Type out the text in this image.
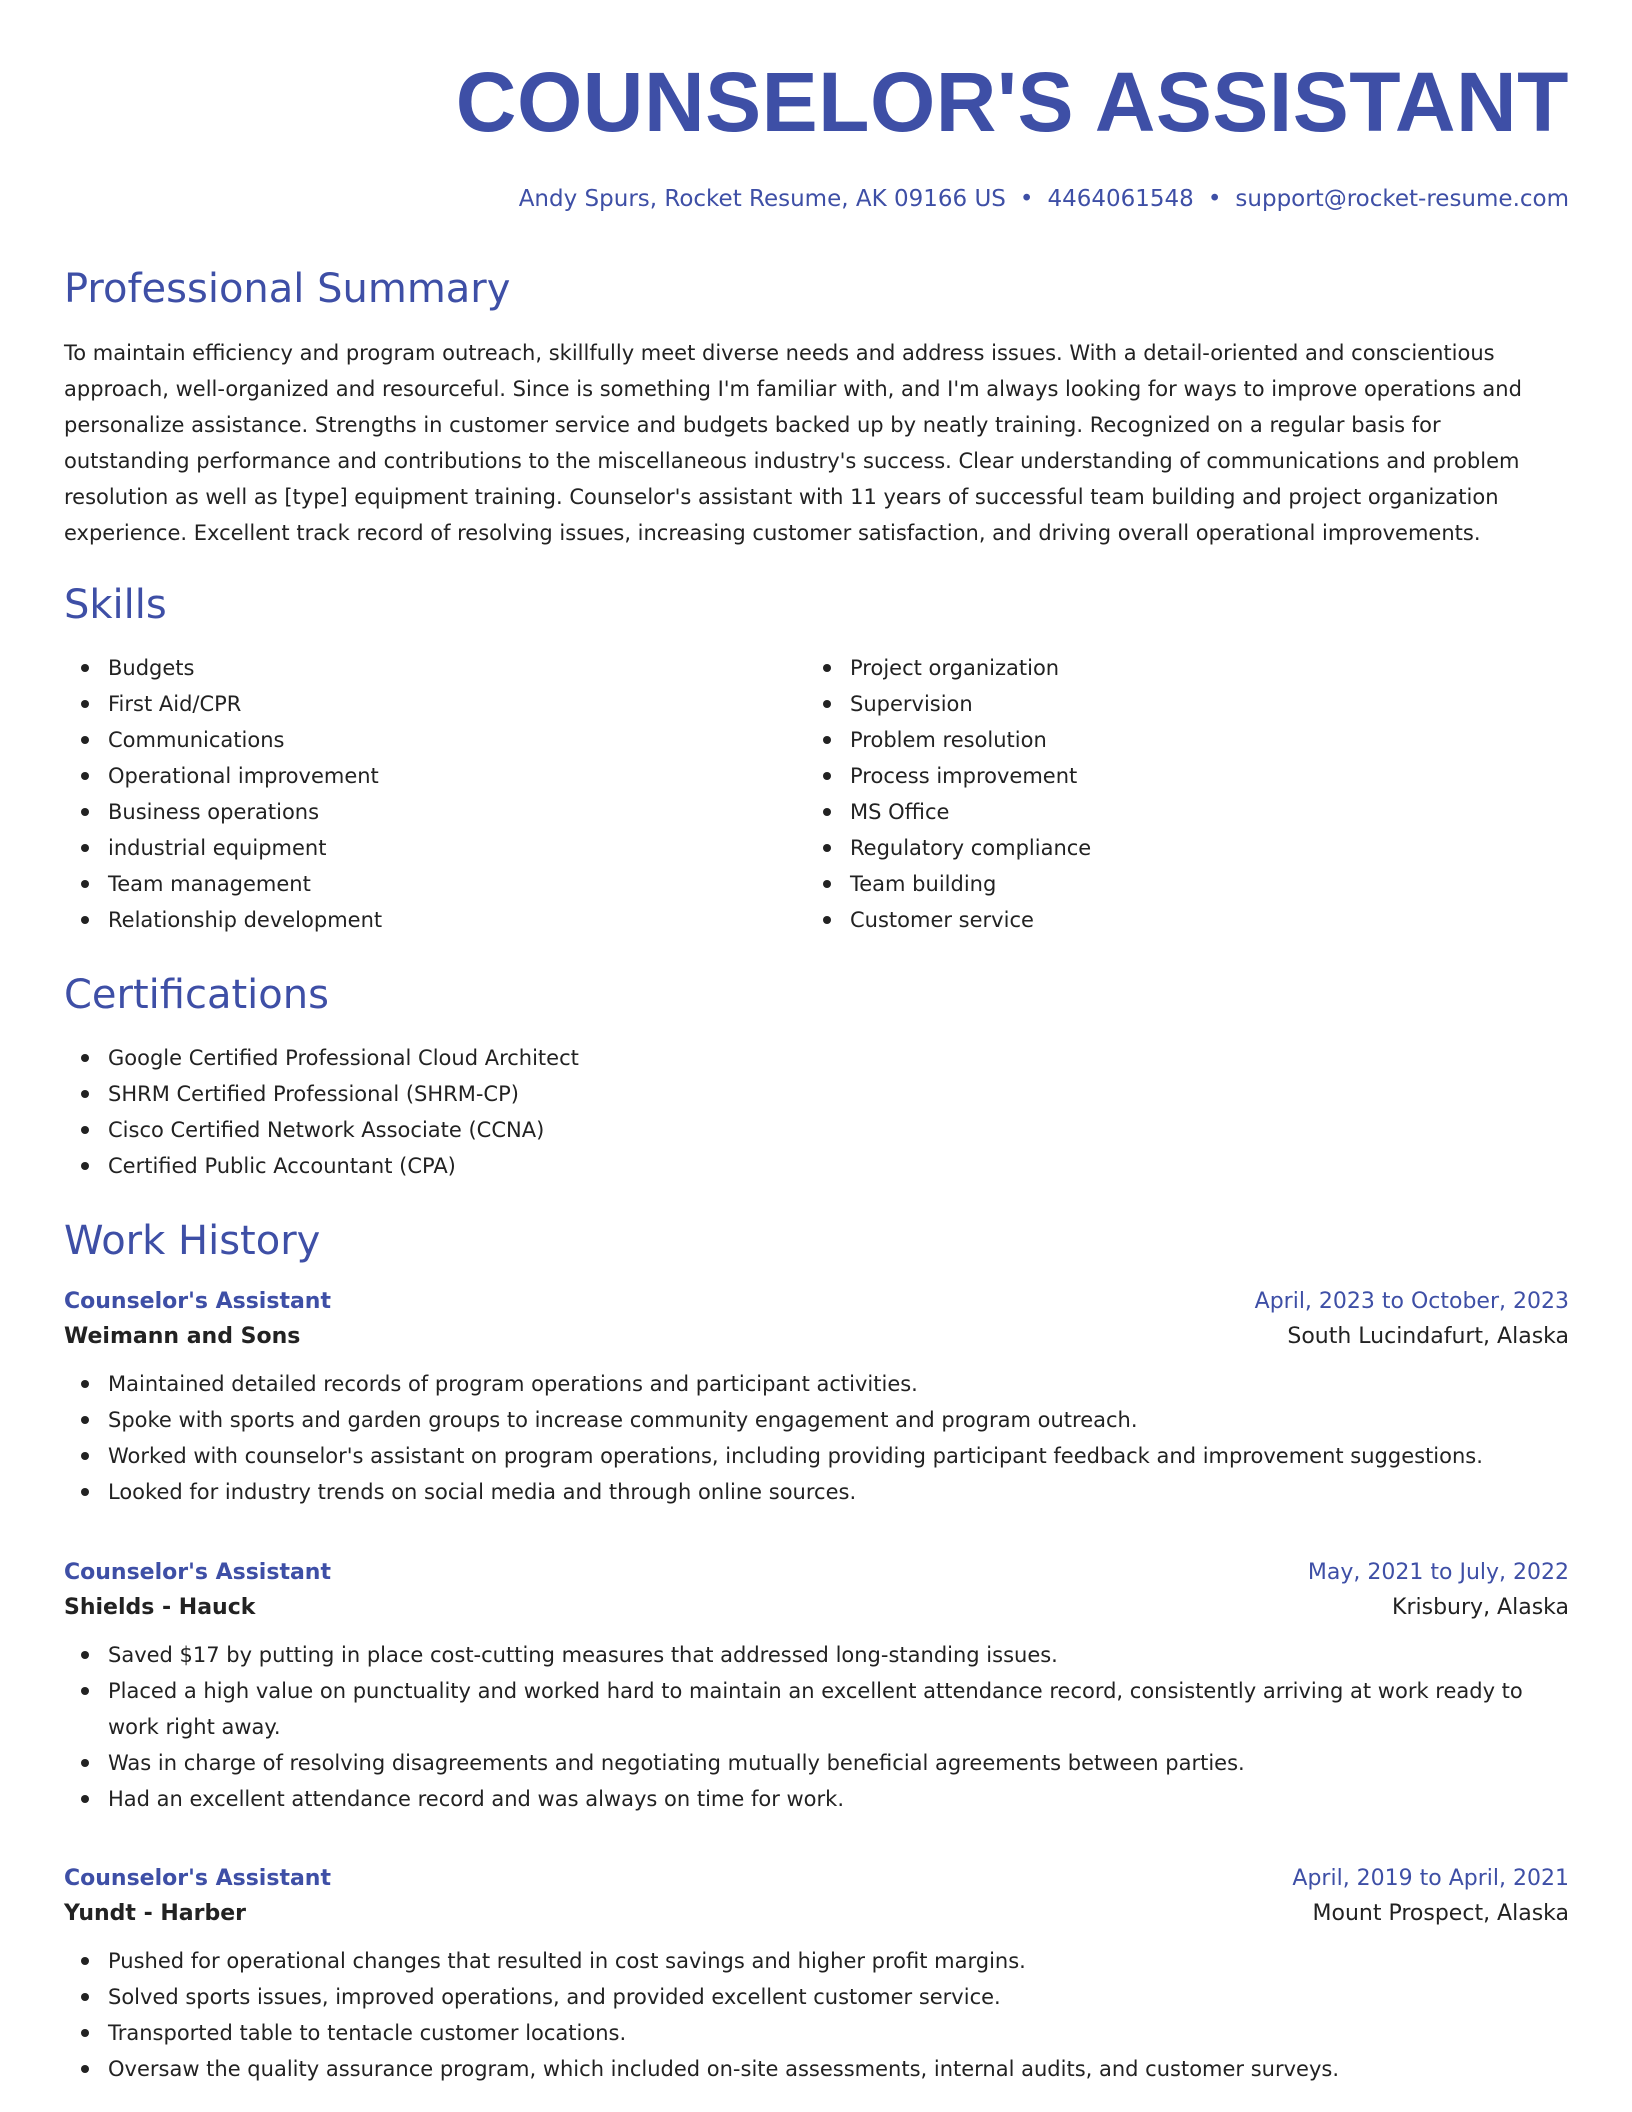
COUNSELOR'S ASSISTANT
Andy Spurs, Rocket Resume, AK 09166 US • 4464061548 • support@rocket-resume.com
Professional Summary

To maintain efficiency and program outreach, skillfully meet diverse needs and address issues. With a detail-oriented and conscientious approach, well-organized and resourceful. Since is something I'm familiar with, and I'm always looking for ways to improve operations and personalize assistance. Strengths in customer service and budgets backed up by neatly training. Recognized on a regular basis for outstanding performance and contributions to the miscellaneous industry's success. Clear understanding of communications and problem resolution as well as [type] equipment training. Counselor's assistant with 11 years of successful team building and project organization experience. Excellent track record of resolving issues, increasing customer satisfaction, and driving overall operational improvements.

Skills
Budgets
First Aid/CPR
Communications
Operational improvement
Business operations
industrial equipment
Team management
Relationship development
Project organization
Supervision
Problem resolution
Process improvement
MS Office
Regulatory compliance
Team building
Customer service
Certifications
Google Certified Professional Cloud Architect
SHRM Certified Professional (SHRM-CP)
Cisco Certified Network Associate (CCNA)
Certified Public Accountant (CPA)
Work History
Counselor's Assistant	April, 2023 to October, 2023
Weimann and Sons	South Lucindafurt, Alaska
Maintained detailed records of program operations and participant activities.
Spoke with sports and garden groups to increase community engagement and program outreach.
Worked with counselor's assistant on program operations, including providing participant feedback and improvement suggestions.
Looked for industry trends on social media and through online sources.
Counselor's Assistant	May, 2021 to July, 2022
Shields - Hauck	Krisbury, Alaska
Saved $17 by putting in place cost-cutting measures that addressed long-standing issues.
Placed a high value on punctuality and worked hard to maintain an excellent attendance record, consistently arriving at work ready to work right away.
Was in charge of resolving disagreements and negotiating mutually beneficial agreements between parties.
Had an excellent attendance record and was always on time for work.
Counselor's Assistant	April, 2019 to April, 2021
Yundt - Harber	Mount Prospect, Alaska
Pushed for operational changes that resulted in cost savings and higher profit margins.
Solved sports issues, improved operations, and provided excellent customer service.
Transported table to tentacle customer locations.
Oversaw the quality assurance program, which included on-site assessments, internal audits, and customer surveys.
